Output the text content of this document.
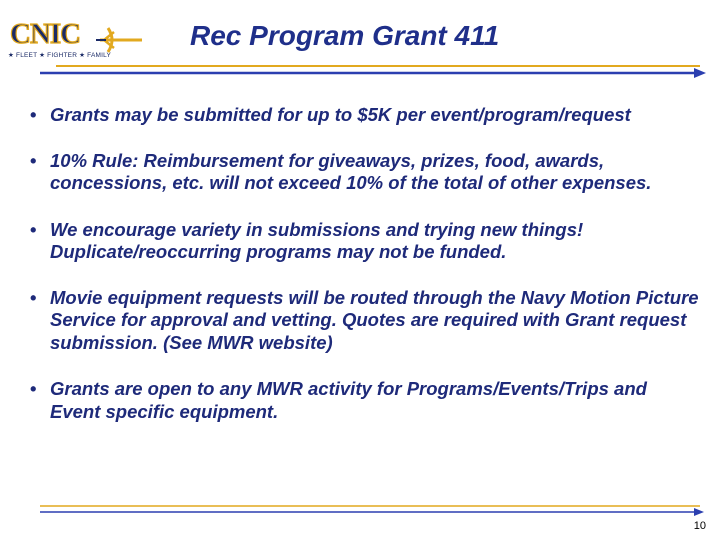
CNIC
★ FLEET ★ FIGHTER ★ FAMILY
Rec Program Grant 411
• Grants may be submitted for up to $5K per event/program/request
• 10% Rule: Reimbursement for giveaways, prizes, food, awards, concessions, etc. will not exceed 10% of the total of other expenses.
• We encourage variety in submissions and trying new things! Duplicate/reoccurring programs may not be funded.
• Movie equipment requests will be routed through the Navy Motion Picture Service for approval and vetting. Quotes are required with Grant request submission. (See MWR website)
• Grants are open to any MWR activity for Programs/Events/Trips and Event specific equipment.
10
